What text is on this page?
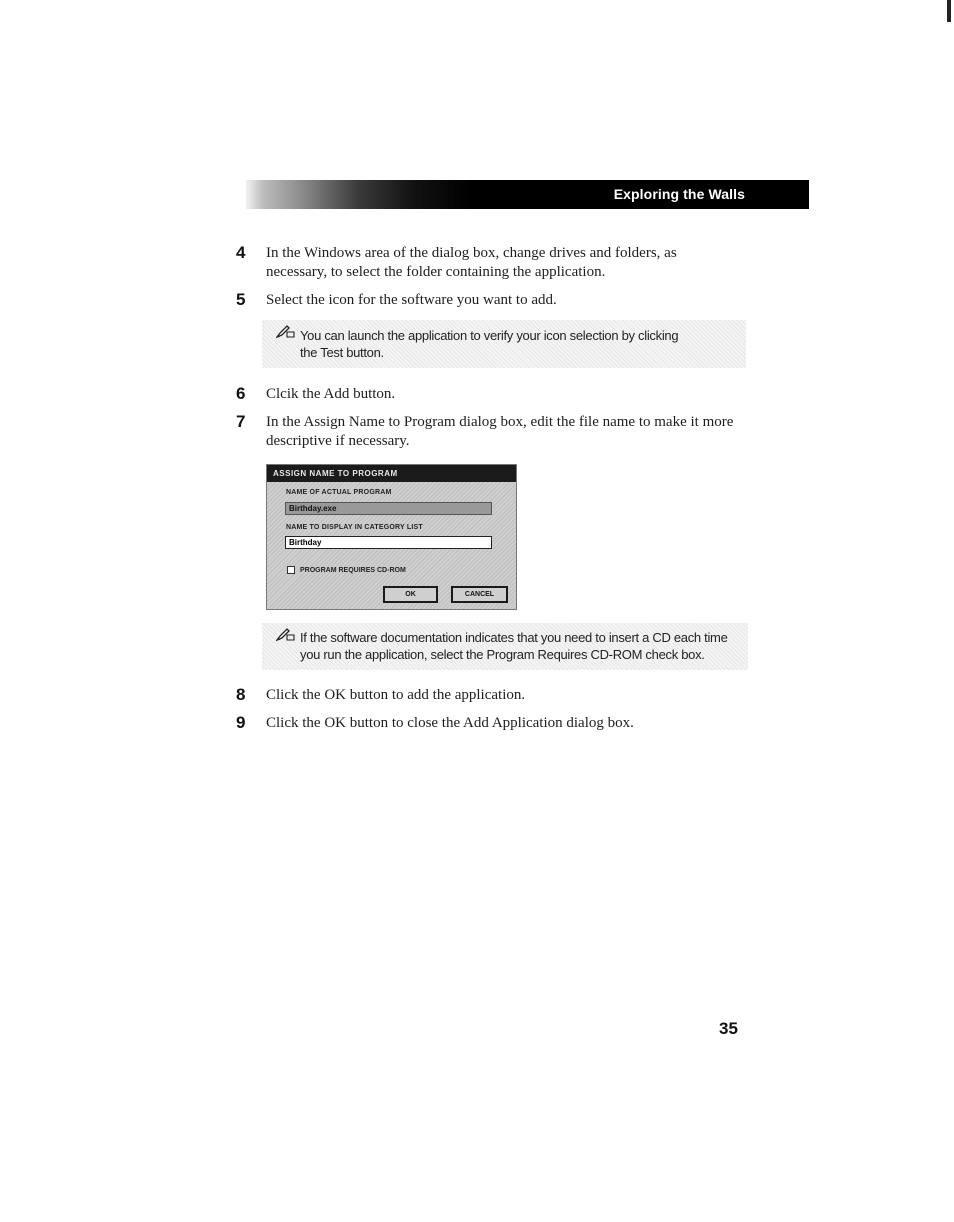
Exploring the Walls
4 In the Windows area of the dialog box, change drives and folders, as necessary, to select the folder containing the application.
5 Select the icon for the software you want to add.
You can launch the application to verify your icon selection by clicking the Test button.
6 Clcik the Add button.
7 In the Assign Name to Program dialog box, edit the file name to make it more descriptive if necessary.
ASSIGN NAME TO PROGRAM
NAME OF ACTUAL PROGRAM
Birthday.exe
NAME TO DISPLAY IN CATEGORY LIST
Birthday
PROGRAM REQUIRES CD-ROM
OK	CANCEL
If the software documentation indicates that you need to insert a CD each time you run the application, select the Program Requires CD-ROM check box.
8 Click the OK button to add the application.
9 Click the OK button to close the Add Application dialog box.
35
